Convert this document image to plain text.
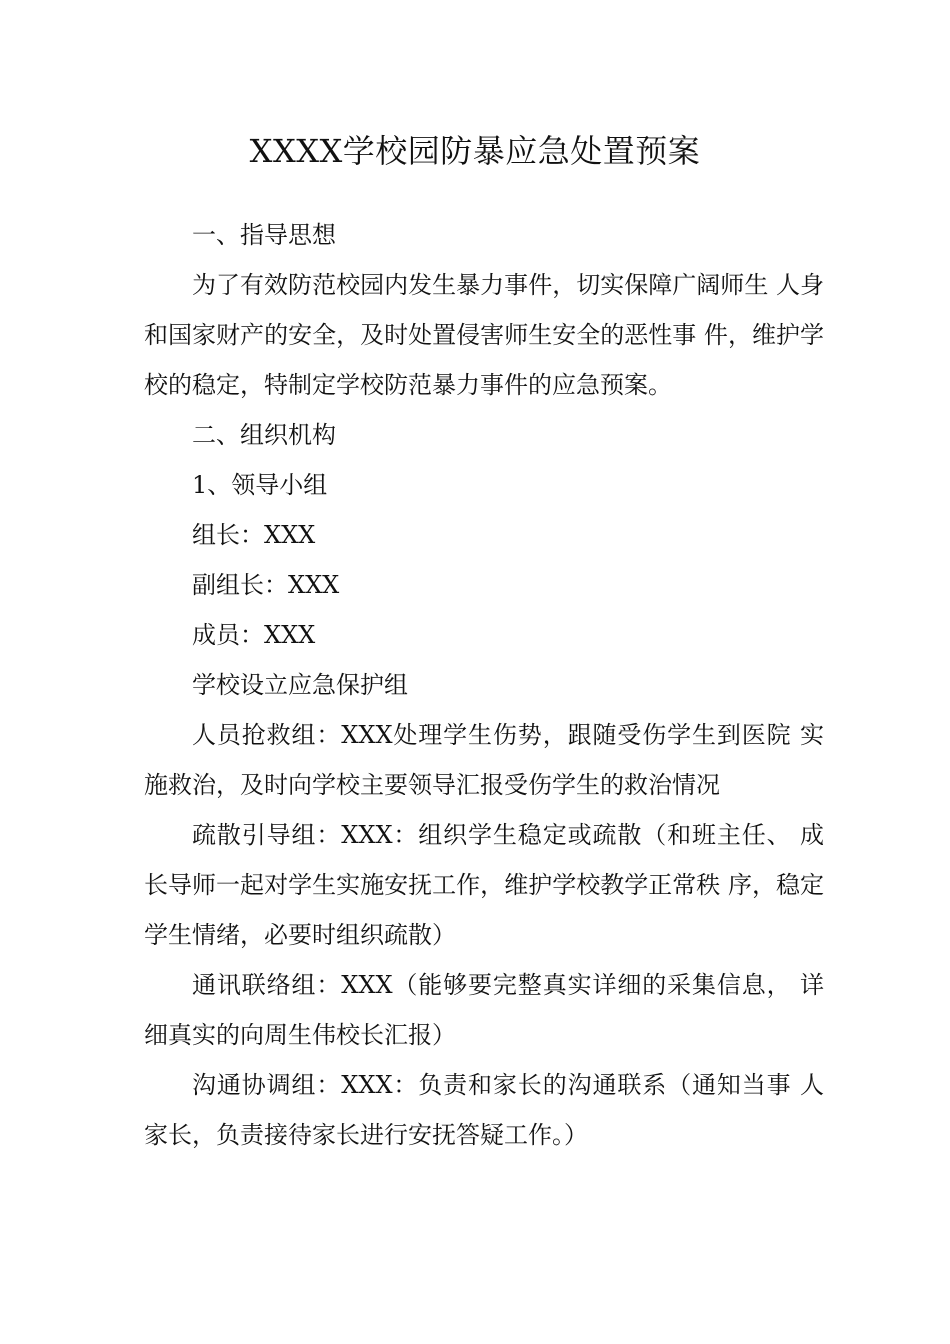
XXXX学校园防暴应急处置预案

一、指导思想

为了有效防范校园内发生暴力事件，切实保障广阔师生 人身和国家财产的安全，及时处置侵害师生安全的恶性事 件，维护学校的稳定，特制定学校防范暴力事件的应急预案。

二、组织机构

1、领导小组

组长：XXX

副组长：XXX

成员：XXX

学校设立应急保护组

人员抢救组：XXX处理学生伤势，跟随受伤学生到医院 实施救治，及时向学校主要领导汇报受伤学生的救治情况

疏散引导组：XXX：组织学生稳定或疏散（和班主任、 成长导师一起对学生实施安抚工作，维护学校教学正常秩 序，稳定学生情绪，必要时组织疏散）

通讯联络组：XXX（能够要完整真实详细的采集信息， 详细真实的向周生伟校长汇报）

沟通协调组：XXX：负责和家长的沟通联系（通知当事 人家长，负责接待家长进行安抚答疑工作。）
